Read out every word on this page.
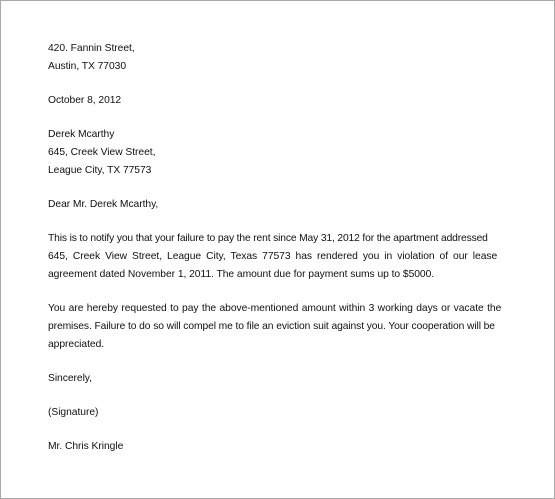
420. Fannin Street,
Austin, TX 77030
October 8, 2012
Derek Mcarthy
645, Creek View Street,
League City, TX 77573
Dear Mr. Derek Mcarthy,
This is to notify you that your failure to pay the rent since May 31, 2012 for the apartment addressed
645, Creek View Street, League City, Texas 77573 has rendered you in violation of our lease
agreement dated November 1, 2011. The amount due for payment sums up to $5000.
You are hereby requested to pay the above-mentioned amount within 3 working days or vacate the
premises. Failure to do so will compel me to file an eviction suit against you. Your cooperation will be
appreciated.
Sincerely,
(Signature)
Mr. Chris Kringle
